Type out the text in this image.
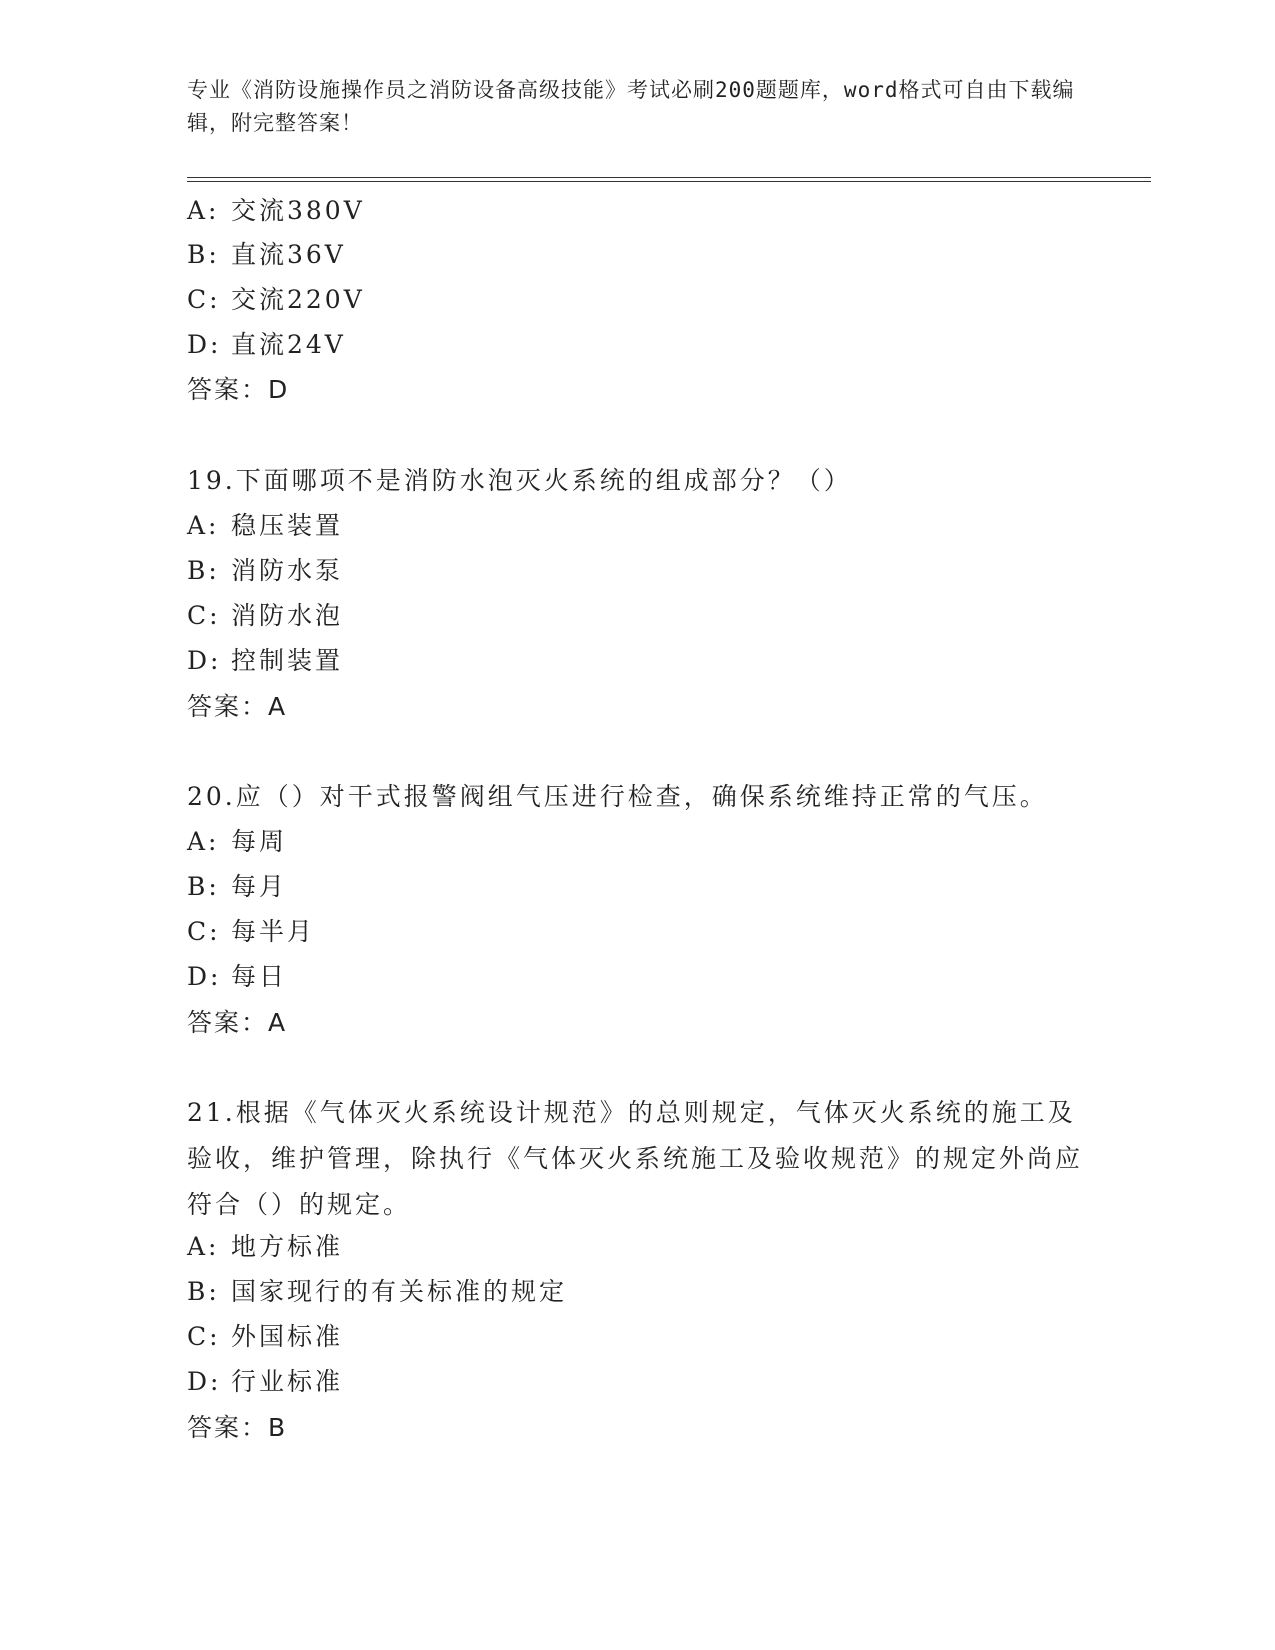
专业《消防设施操作员之消防设备高级技能》考试必刷200题题库，word格式可自由下载编辑，附完整答案！
A: 交流380V
B: 直流36V
C: 交流220V
D: 直流24V
答案：D
19.下面哪项不是消防水泡灭火系统的组成部分？（）
A: 稳压装置
B: 消防水泵
C: 消防水泡
D: 控制装置
答案：A
20.应（）对干式报警阀组气压进行检查，确保系统维持正常的气压。
A: 每周
B: 每月
C: 每半月
D: 每日
答案：A
21.根据《气体灭火系统设计规范》的总则规定，气体灭火系统的施工及验收，维护管理，除执行《气体灭火系统施工及验收规范》的规定外尚应符合（）的规定。
A: 地方标准
B: 国家现行的有关标准的规定
C: 外国标准
D: 行业标准
答案：B
